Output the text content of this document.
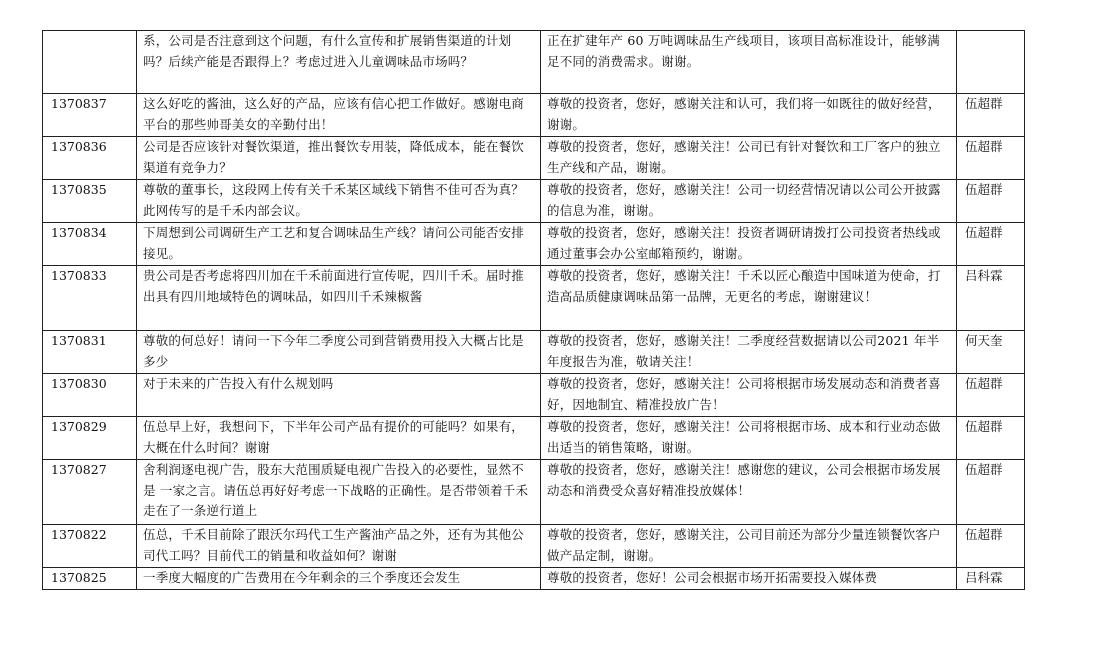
	系，公司是否注意到这个问题，有什么宣传和扩展销售渠道的计划吗？后续产能是否跟得上？考虑过进入儿童调味品市场吗？	正在扩建年产 60 万吨调味品生产线项目，该项目高标准设计，能够满足不同的消费需求。谢谢。	
1370837	这么好吃的酱油，这么好的产品，应该有信心把工作做好。感谢电商平台的那些帅哥美女的辛勤付出！	尊敬的投资者，您好，感谢关注和认可，我们将一如既往的做好经营，谢谢。	伍超群
1370836	公司是否应该针对餐饮渠道，推出餐饮专用装，降低成本，能在餐饮渠道有竞争力？	尊敬的投资者，您好，感谢关注！公司已有针对餐饮和工厂客户的独立生产线和产品，谢谢。	伍超群
1370835	尊敬的董事长，这段网上传有关千禾某区域线下销售不佳可否为真？此网传写的是千禾内部会议。	尊敬的投资者，您好，感谢关注！公司一切经营情况请以公司公开披露的信息为准，谢谢。	伍超群
1370834	下周想到公司调研生产工艺和复合调味品生产线？请问公司能否安排接见。	尊敬的投资者，您好，感谢关注！投资者调研请拨打公司投资者热线或通过董事会办公室邮箱预约，谢谢。	伍超群
1370833	贵公司是否考虑将四川加在千禾前面进行宣传呢，四川千禾。届时推出具有四川地域特色的调味品，如四川千禾辣椒酱	尊敬的投资者，您好，感谢关注！千禾以匠心酿造中国味道为使命，打造高品质健康调味品第一品牌，无更名的考虑，谢谢建议！	吕科霖
1370831	尊敬的何总好！请问一下今年二季度公司到营销费用投入大概占比是多少	尊敬的投资者，您好，感谢关注！二季度经营数据请以公司2021 年半年度报告为准，敬请关注！	何天奎
1370830	对于未来的广告投入有什么规划吗	尊敬的投资者，您好，感谢关注！公司将根据市场发展动态和消费者喜好，因地制宜、精准投放广告！	伍超群
1370829	伍总早上好，我想问下，下半年公司产品有提价的可能吗？如果有，大概在什么时间？谢谢	尊敬的投资者，您好，感谢关注！公司将根据市场、成本和行业动态做出适当的销售策略，谢谢。	伍超群
1370827	舍利润逐电视广告，股东大范围质疑电视广告投入的必要性，显然不是 一家之言。请伍总再好好考虑一下战略的正确性。是否带领着千禾走在了一条逆行道上	尊敬的投资者，您好，感谢关注！感谢您的建议，公司会根据市场发展动态和消费受众喜好精准投放媒体！	伍超群
1370822	伍总，千禾目前除了跟沃尔玛代工生产酱油产品之外，还有为其他公司代工吗？目前代工的销量和收益如何？谢谢	尊敬的投资者，您好，感谢关注，公司目前还为部分少量连锁餐饮客户做产品定制，谢谢。	伍超群
1370825	一季度大幅度的广告费用在今年剩余的三个季度还会发生	尊敬的投资者，您好！公司会根据市场开拓需要投入媒体费	吕科霖
